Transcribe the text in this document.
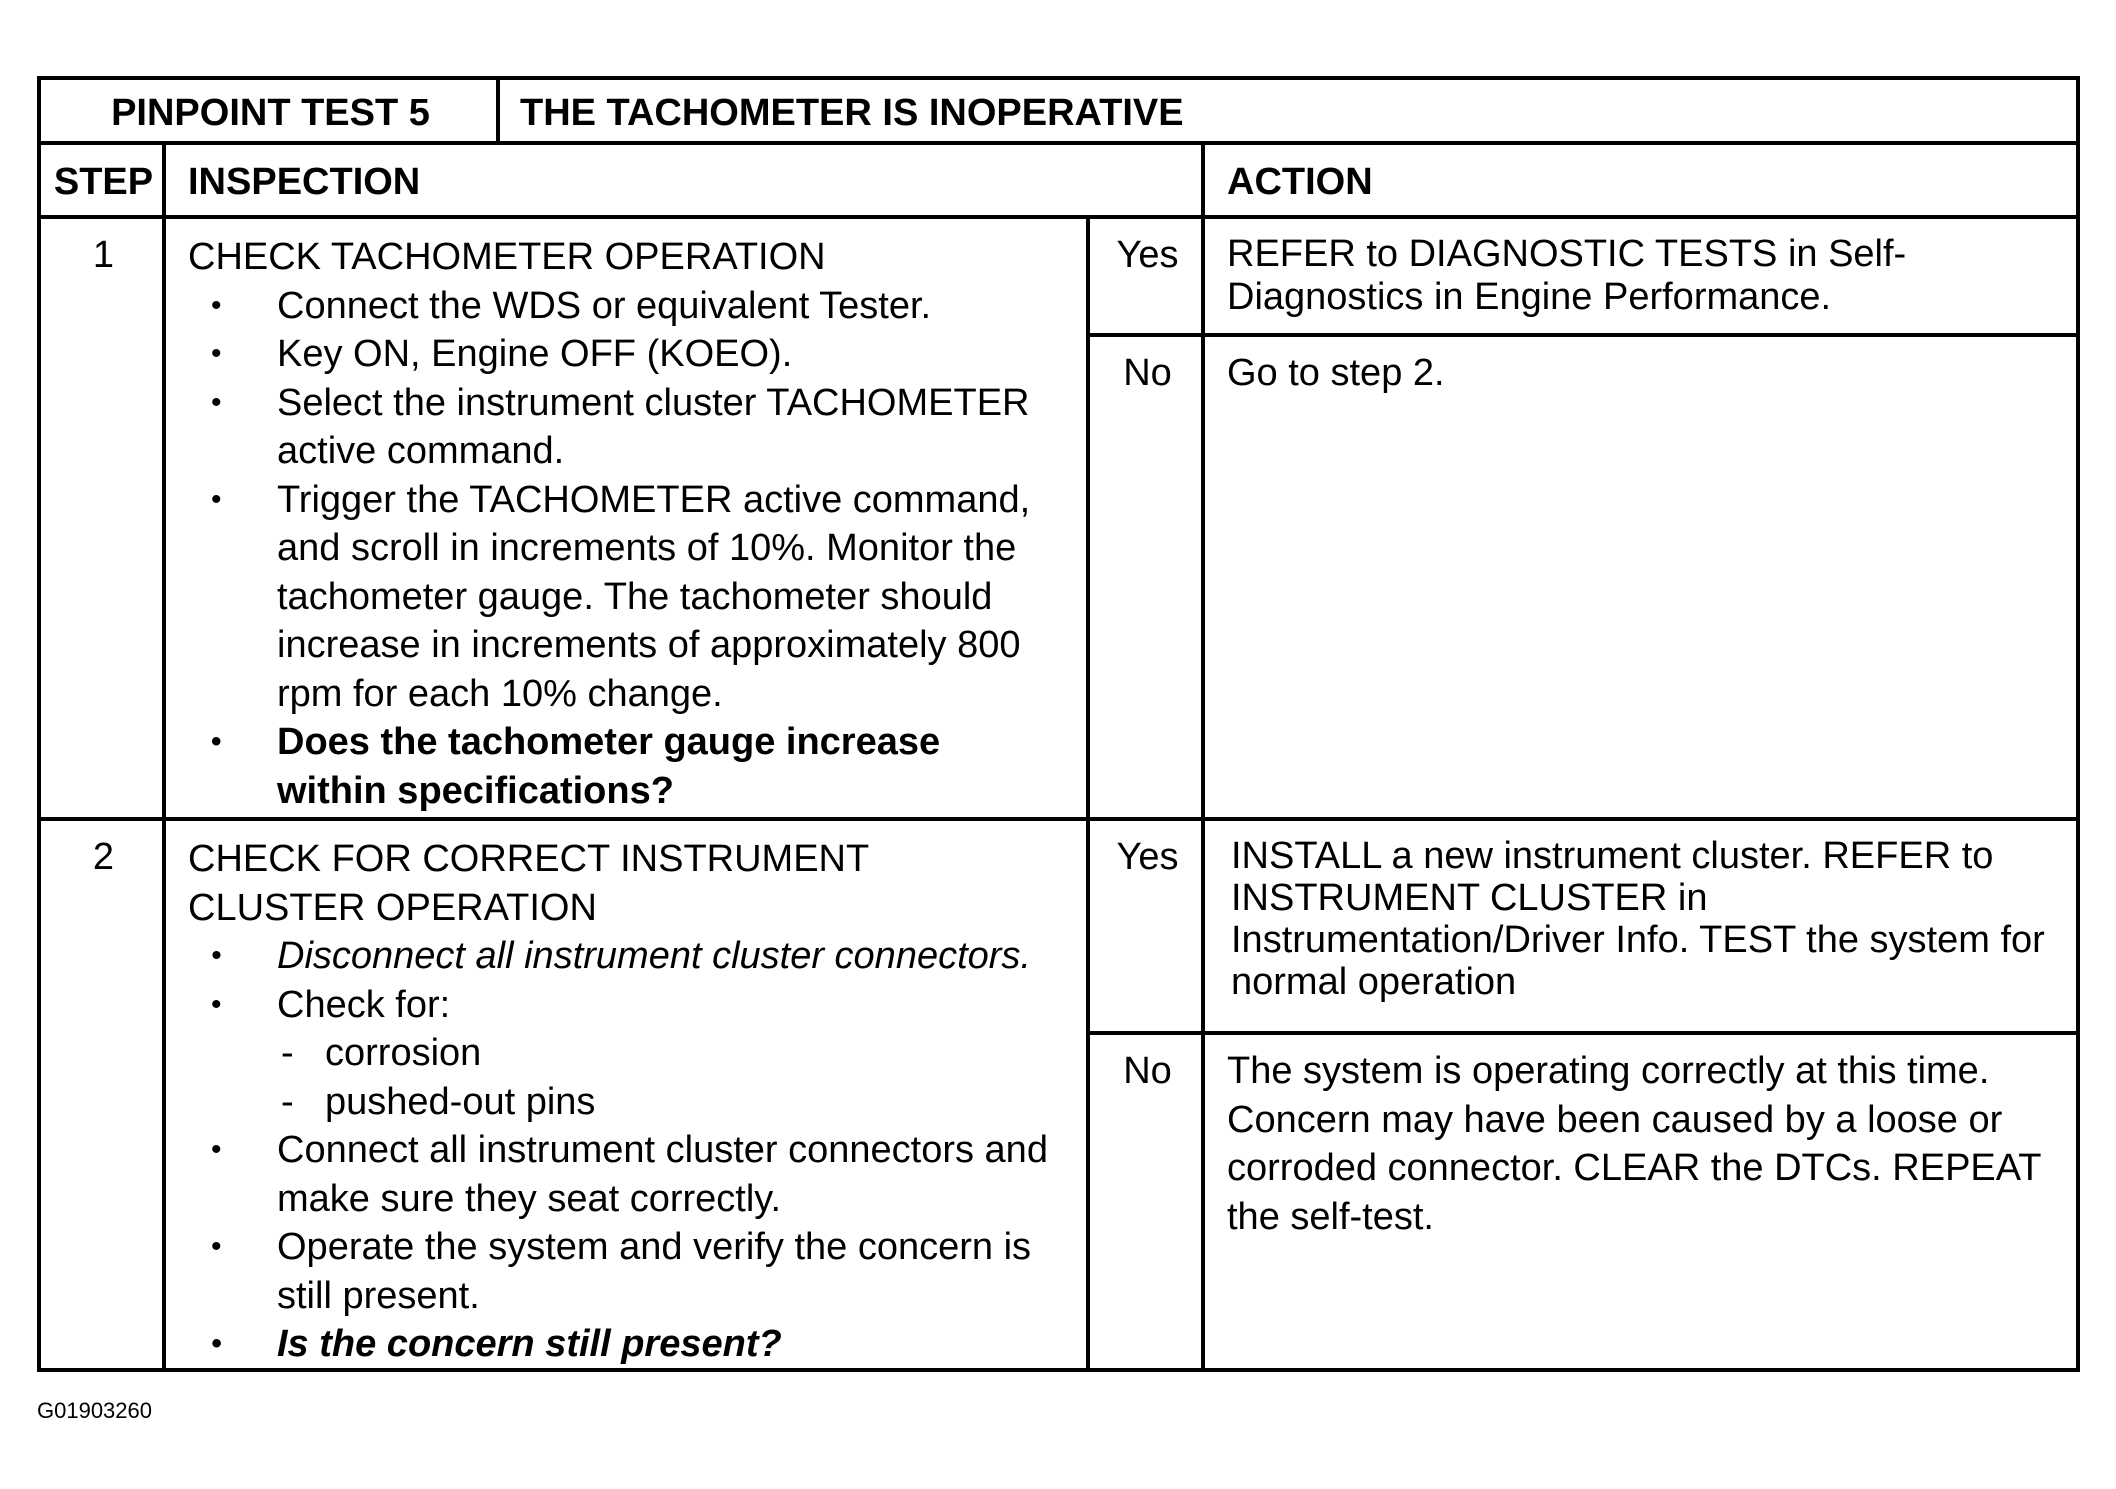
PINPOINT TEST 5 THE TACHOMETER IS INOPERATIVE
STEP INSPECTION	ACTION
1	CHECK TACHOMETER OPERATION
• Connect the WDS or equivalent Tester.
• Key ON, Engine OFF (KOEO).
• Select the instrument cluster TACHOMETER active command.
• Trigger the TACHOMETER active command, and scroll in increments of 10%. Monitor the tachometer gauge. The tachometer should increase in increments of approximately 800 rpm for each 10% change.
• Does the tachometer gauge increase within specifications?
Yes	REFER to DIAGNOSTIC TESTS in Self-Diagnostics in Engine Performance.
No	Go to step 2.
2	CHECK FOR CORRECT INSTRUMENT CLUSTER OPERATION
• Disconnect all instrument cluster connectors.
• Check for:
- corrosion
- pushed-out pins
• Connect all instrument cluster connectors and make sure they seat correctly.
• Operate the system and verify the concern is still present.
• Is the concern still present?
Yes	INSTALL a new instrument cluster. REFER to INSTRUMENT CLUSTER in Instrumentation/Driver Info. TEST the system for normal operation
No	The system is operating correctly at this time. Concern may have been caused by a loose or corroded connector. CLEAR the DTCs. REPEAT the self-test.
G01903260
